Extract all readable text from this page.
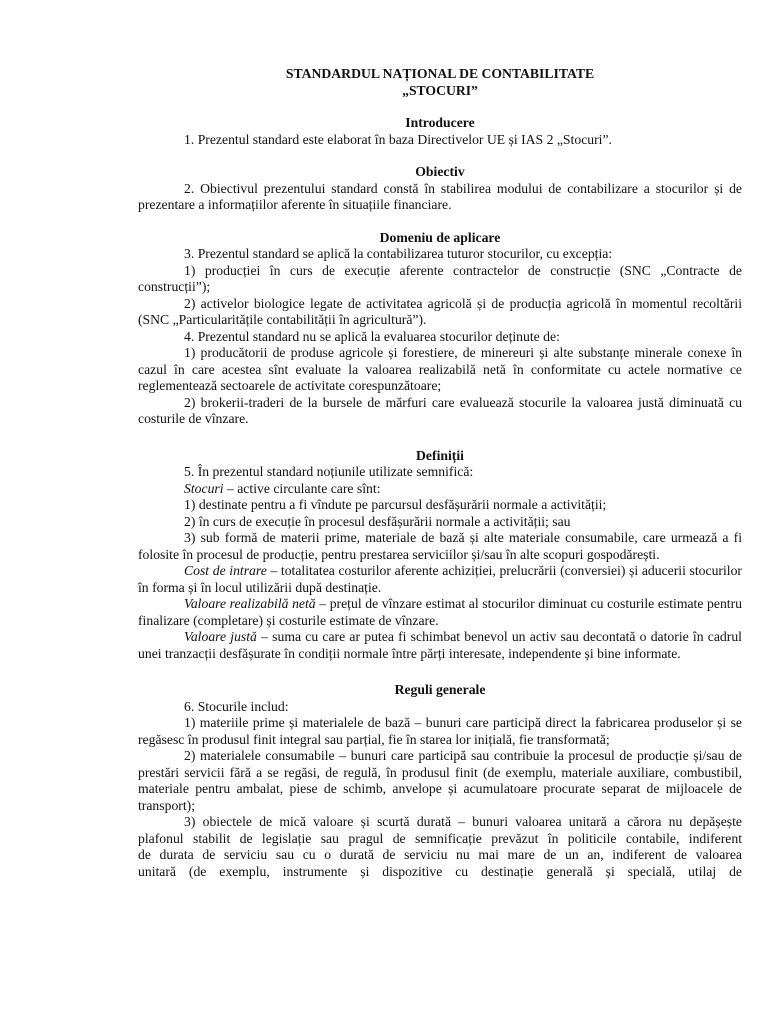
STANDARDUL NAȚIONAL DE CONTABILITATE
„STOCURI”
Introducere

1. Prezentul standard este elaborat în baza Directivelor UE și IAS 2 „Stocuri”.

Obiectiv

2. Obiectivul prezentului standard constă în stabilirea modului de contabilizare a stocurilor și de prezentare a informațiilor aferente în situațiile financiare.

Domeniu de aplicare

3. Prezentul standard se aplică la contabilizarea tuturor stocurilor, cu excepția:

1) producției în curs de execuție aferente contractelor de construcție (SNC „Contracte de construcții”);

2) activelor biologice legate de activitatea agricolă și de producția agricolă în momentul recoltării (SNC „Particularitățile contabilității în agricultură”).

4. Prezentul standard nu se aplică la evaluarea stocurilor deținute de:

1) producătorii de produse agricole și forestiere, de minereuri și alte substanțe minerale conexe în cazul în care acestea sînt evaluate la valoarea realizabilă netă în conformitate cu actele normative ce reglementează sectoarele de activitate corespunzătoare;

2) brokerii-traderi de la bursele de mărfuri care evaluează stocurile la valoarea justă diminuată cu costurile de vînzare.

Definiții

5. În prezentul standard noțiunile utilizate semnifică:

Stocuri – active circulante care sînt:

1) destinate pentru a fi vîndute pe parcursul desfășurării normale a activității;

2) în curs de execuție în procesul desfășurării normale a activității; sau

3) sub formă de materii prime, materiale de bază și alte materiale consumabile, care urmează a fi folosite în procesul de producție, pentru prestarea serviciilor și/sau în alte scopuri gospodărești.

Cost de intrare – totalitatea costurilor aferente achiziției, prelucrării (conversiei) și aducerii stocurilor în forma și în locul utilizării după destinație.

Valoare realizabilă netă – prețul de vînzare estimat al stocurilor diminuat cu costurile estimate pentru finalizare (completare) și costurile estimate de vînzare.

Valoare justă – suma cu care ar putea fi schimbat benevol un activ sau decontată o datorie în cadrul unei tranzacții desfășurate în condiții normale între părți interesate, independente și bine informate.

Reguli generale

6. Stocurile includ:

1) materiile prime și materialele de bază – bunuri care participă direct la fabricarea produselor și se regăsesc în produsul finit integral sau parțial, fie în starea lor inițială, fie transformată;

2) materialele consumabile – bunuri care participă sau contribuie la procesul de producție și/sau de prestări servicii fără a se regăsi, de regulă, în produsul finit (de exemplu, materiale auxiliare, combustibil, materiale pentru ambalat, piese de schimb, anvelope și acumulatoare procurate separat de mijloacele de transport);

3) obiectele de mică valoare și scurtă durată – bunuri valoarea unitară a cărora nu depășește
plafonul stabilit de legislație sau pragul de semnificație prevăzut în politicile contabile, indiferent
de durata de serviciu sau cu o durată de serviciu nu mai mare de un an, indiferent de valoarea
unitară (de exemplu, instrumente și dispozitive cu destinație generală și specială, utilaj de
